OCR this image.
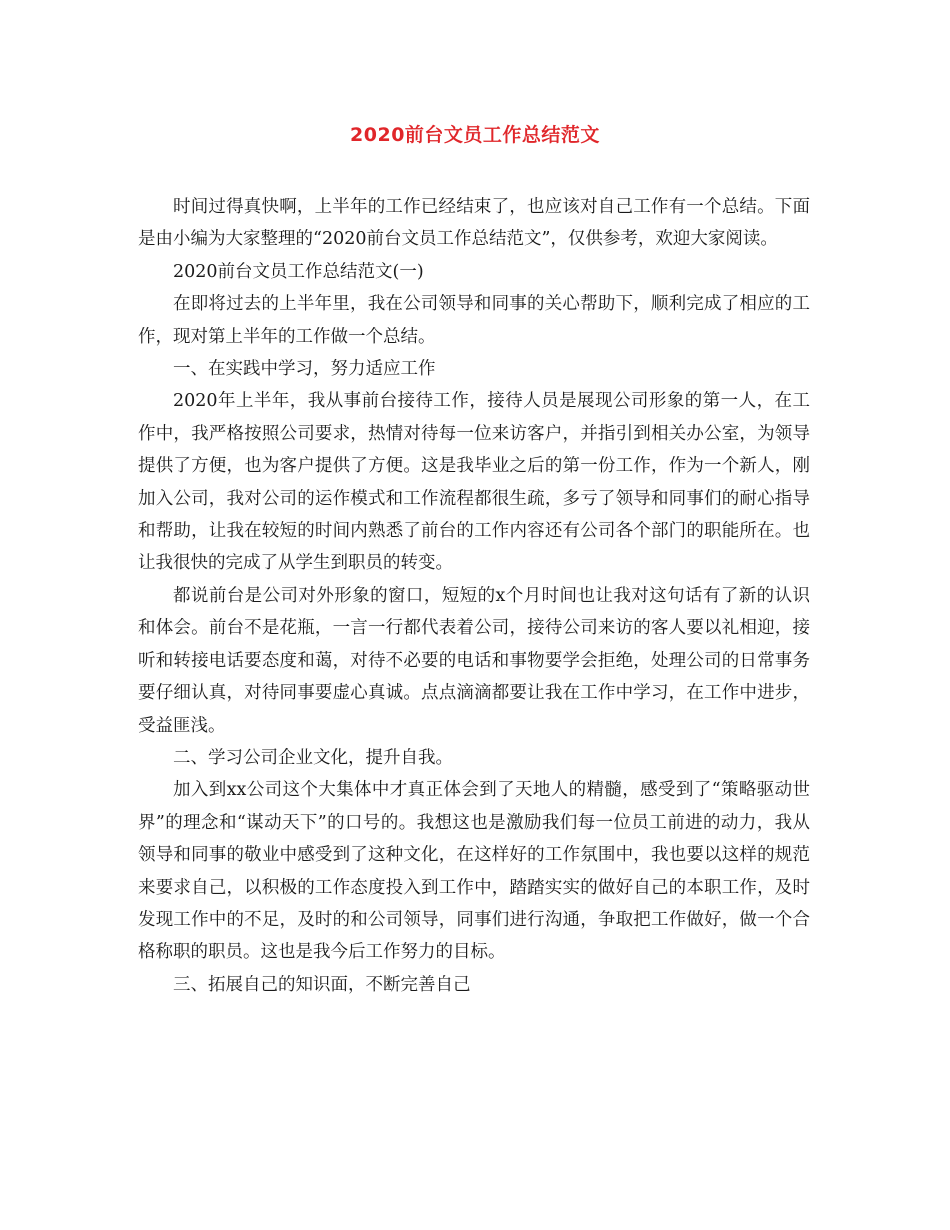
2020前台文员工作总结范文

时间过得真快啊，上半年的工作已经结束了，也应该对自己工作有一个总结。下面是由小编为大家整理的“2020前台文员工作总结范文”，仅供参考，欢迎大家阅读。

2020前台文员工作总结范文(一)

在即将过去的上半年里，我在公司领导和同事的关心帮助下，顺利完成了相应的工作，现对第上半年的工作做一个总结。

一、在实践中学习，努力适应工作

2020年上半年，我从事前台接待工作，接待人员是展现公司形象的第一人，在工作中，我严格按照公司要求，热情对待每一位来访客户，并指引到相关办公室，为领导提供了方便，也为客户提供了方便。这是我毕业之后的第一份工作，作为一个新人，刚加入公司，我对公司的运作模式和工作流程都很生疏，多亏了领导和同事们的耐心指导和帮助，让我在较短的时间内熟悉了前台的工作内容还有公司各个部门的职能所在。也让我很快的完成了从学生到职员的转变。

都说前台是公司对外形象的窗口，短短的x个月时间也让我对这句话有了新的认识和体会。前台不是花瓶，一言一行都代表着公司，接待公司来访的客人要以礼相迎，接听和转接电话要态度和蔼，对待不必要的电话和事物要学会拒绝，处理公司的日常事务要仔细认真，对待同事要虚心真诚。点点滴滴都要让我在工作中学习，在工作中进步，受益匪浅。

二、学习公司企业文化，提升自我。

加入到xx公司这个大集体中才真正体会到了天地人的精髓，感受到了“策略驱动世界”的理念和“谋动天下”的口号的。我想这也是激励我们每一位员工前进的动力，我从领导和同事的敬业中感受到了这种文化，在这样好的工作氛围中，我也要以这样的规范来要求自己，以积极的工作态度投入到工作中，踏踏实实的做好自己的本职工作，及时发现工作中的不足，及时的和公司领导，同事们进行沟通，争取把工作做好，做一个合格称职的职员。这也是我今后工作努力的目标。

三、拓展自己的知识面，不断完善自己
